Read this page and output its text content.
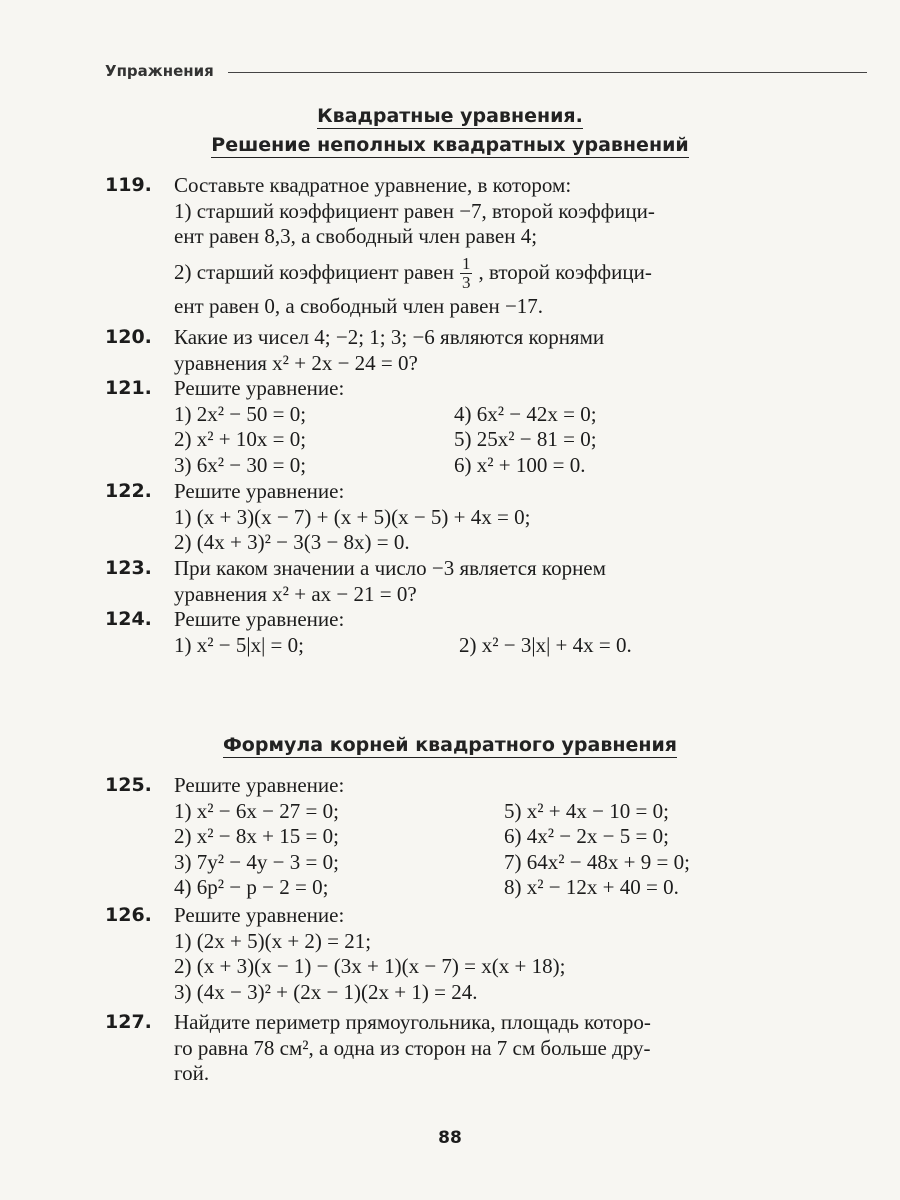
Упражнения
Квадратные уравнения.
Решение неполных квадратных уравнений
119. Составьте квадратное уравнение, в котором:
1) старший коэффициент равен −7, второй коэффици-
ент равен 8,3, а свободный член равен 4;
2) старший коэффициент равен $\frac{1}{3}$ , второй коэффици-
ент равен 0, а свободный член равен −17.
120. Какие из чисел 4; −2; 1; 3; −6 являются корнями
уравнения x² + 2x − 24 = 0?
121. Решите уравнение:
1) 2x² − 50 = 0;	4) 6x² − 42x = 0;
2) x² + 10x = 0;	5) 25x² − 81 = 0;
3) 6x² − 30 = 0;	6) x² + 100 = 0.
122. Решите уравнение:
1) (x + 3)(x − 7) + (x + 5)(x − 5) + 4x = 0;
2) (4x + 3)² − 3(3 − 8x) = 0.
123. При каком значении a число −3 является корнем
уравнения x² + ax − 21 = 0?
124. Решите уравнение:
1) x² − 5|x| = 0;	2) x² − 3|x| + 4x = 0.
Формула корней квадратного уравнения
125. Решите уравнение:
1) x² − 6x − 27 = 0;	5) x² + 4x − 10 = 0;
2) x² − 8x + 15 = 0;	6) 4x² − 2x − 5 = 0;
3) 7y² − 4y − 3 = 0;	7) 64x² − 48x + 9 = 0;
4) 6p² − p − 2 = 0;	8) x² − 12x + 40 = 0.
126. Решите уравнение:
1) (2x + 5)(x + 2) = 21;
2) (x + 3)(x − 1) − (3x + 1)(x − 7) = x(x + 18);
3) (4x − 3)² + (2x − 1)(2x + 1) = 24.
127. Найдите периметр прямоугольника, площадь которо-
го равна 78 см², а одна из сторон на 7 см больше дру-
гой.
88
